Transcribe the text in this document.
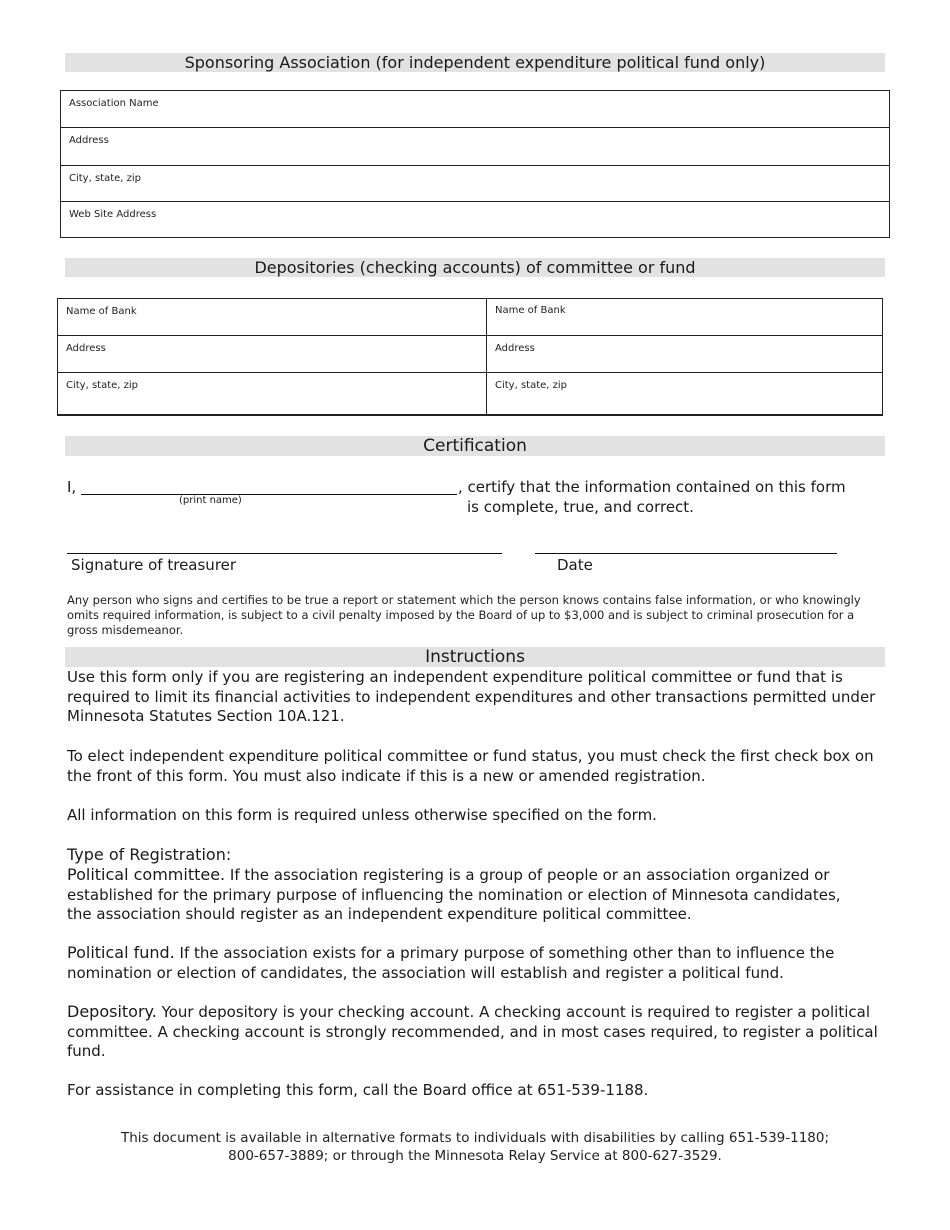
Sponsoring Association (for independent expenditure political fund only)
Association Name
Address
City, state, zip
Web Site Address
Depositories (checking accounts) of committee or fund
Name of Bank	Name of Bank
Address	Address
City, state, zip	City, state, zip
Certification
I,
(print name)
, certify that the information contained on this form
is complete, true, and correct.
Signature of treasurer	Date
Any person who signs and certifies to be true a report or statement which the person knows contains false information, or who knowingly omits required information, is subject to a civil penalty imposed by the Board of up to $3,000 and is subject to criminal prosecution for a gross misdemeanor.
Instructions
Use this form only if you are registering an independent expenditure political committee or fund that is required to limit its financial activities to independent expenditures and other transactions permitted under Minnesota Statutes Section 10A.121.
To elect independent expenditure political committee or fund status, you must check the first check box on the front of this form. You must also indicate if this is a new or amended registration.
All information on this form is required unless otherwise specified on the form.
Type of Registration:
Political committee. If the association registering is a group of people or an association organized or established for the primary purpose of influencing the nomination or election of Minnesota candidates, the association should register as an independent expenditure political committee.
Political fund. If the association exists for a primary purpose of something other than to influence the nomination or election of candidates, the association will establish and register a political fund.
Depository. Your depository is your checking account. A checking account is required to register a political committee. A checking account is strongly recommended, and in most cases required, to register a political fund.
For assistance in completing this form, call the Board office at 651-539-1188.
This document is available in alternative formats to individuals with disabilities by calling 651-539-1180;
800-657-3889; or through the Minnesota Relay Service at 800-627-3529.
